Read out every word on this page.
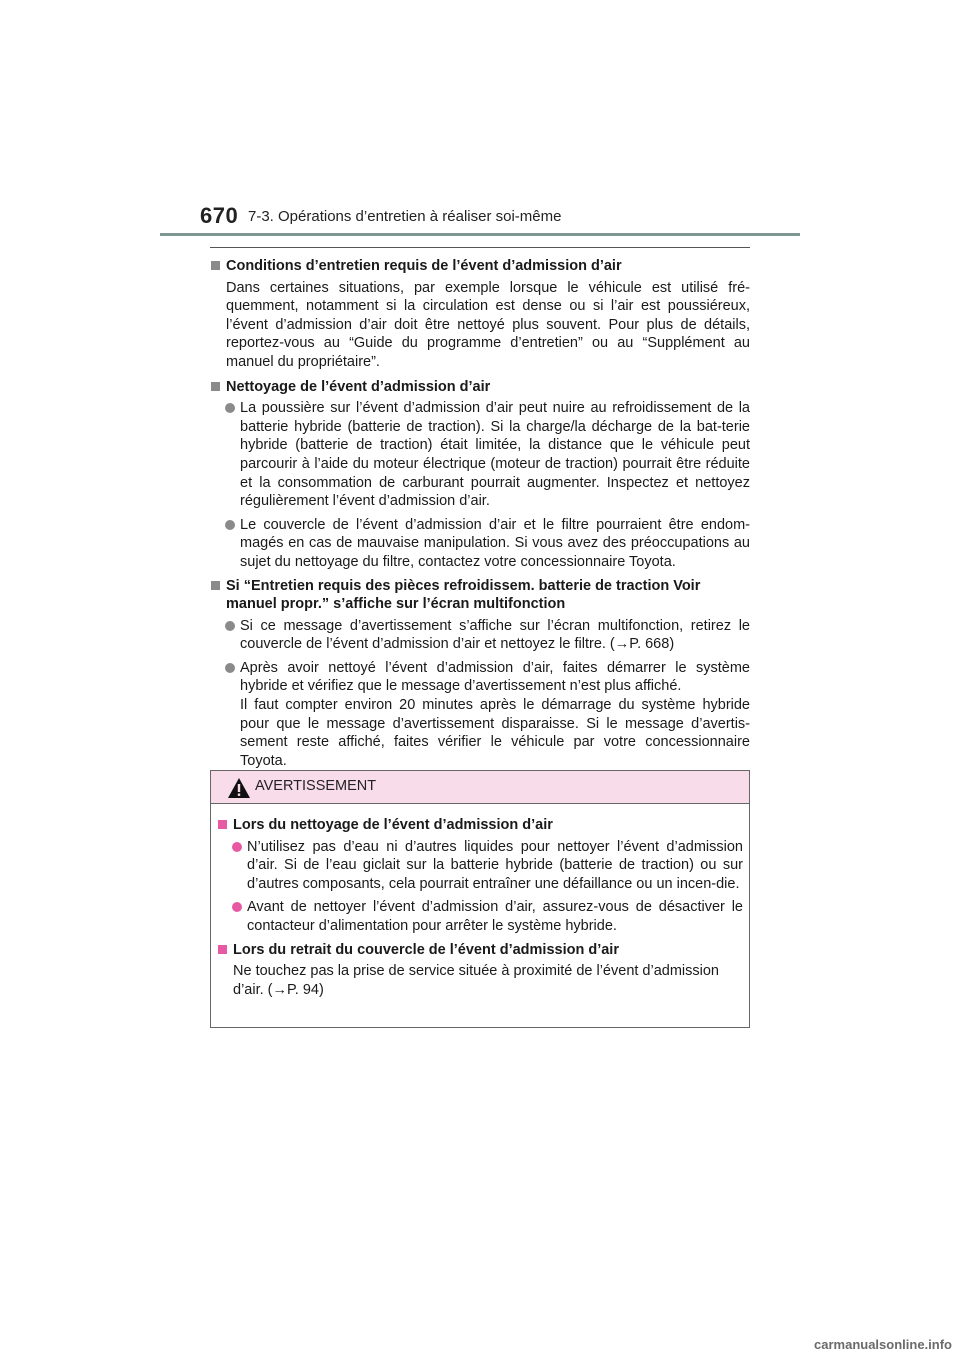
670 7-3. Opérations d’entretien à réaliser soi-même
Conditions d’entretien requis de l’évent d’admission d’air
Dans certaines situations, par exemple lorsque le véhicule est utilisé fré-quemment, notamment si la circulation est dense ou si l’air est poussiéreux, l’évent d’admission d’air doit être nettoyé plus souvent. Pour plus de détails, reportez-vous au “Guide du programme d’entretien” ou au “Supplément au manuel du propriétaire”.
Nettoyage de l’évent d’admission d’air
La poussière sur l’évent d’admission d’air peut nuire au refroidissement de la batterie hybride (batterie de traction). Si la charge/la décharge de la bat-terie hybride (batterie de traction) était limitée, la distance que le véhicule peut parcourir à l’aide du moteur électrique (moteur de traction) pourrait être réduite et la consommation de carburant pourrait augmenter. Inspectez et nettoyez régulièrement l’évent d’admission d’air.
Le couvercle de l’évent d’admission d’air et le filtre pourraient être endom-magés en cas de mauvaise manipulation. Si vous avez des préoccupations au sujet du nettoyage du filtre, contactez votre concessionnaire Toyota.
Si “Entretien requis des pièces refroidissem. batterie de traction Voir manuel propr.” s’affiche sur l’écran multifonction
Si ce message d’avertissement s’affiche sur l’écran multifonction, retirez le couvercle de l’évent d’admission d’air et nettoyez le filtre. (→P. 668)
Après avoir nettoyé l’évent d’admission d’air, faites démarrer le système hybride et vérifiez que le message d’avertissement n’est plus affiché.
Il faut compter environ 20 minutes après le démarrage du système hybride pour que le message d’avertissement disparaisse. Si le message d’avertis-sement reste affiché, faites vérifier le véhicule par votre concessionnaire Toyota.
AVERTISSEMENT
Lors du nettoyage de l’évent d’admission d’air
N’utilisez pas d’eau ni d’autres liquides pour nettoyer l’évent d’admission d’air. Si de l’eau giclait sur la batterie hybride (batterie de traction) ou sur d’autres composants, cela pourrait entraîner une défaillance ou un incen-die.
Avant de nettoyer l’évent d’admission d’air, assurez-vous de désactiver le contacteur d’alimentation pour arrêter le système hybride.
Lors du retrait du couvercle de l’évent d’admission d’air
Ne touchez pas la prise de service située à proximité de l’évent d’admission d’air. (→P. 94)
carmanualsonline.info
